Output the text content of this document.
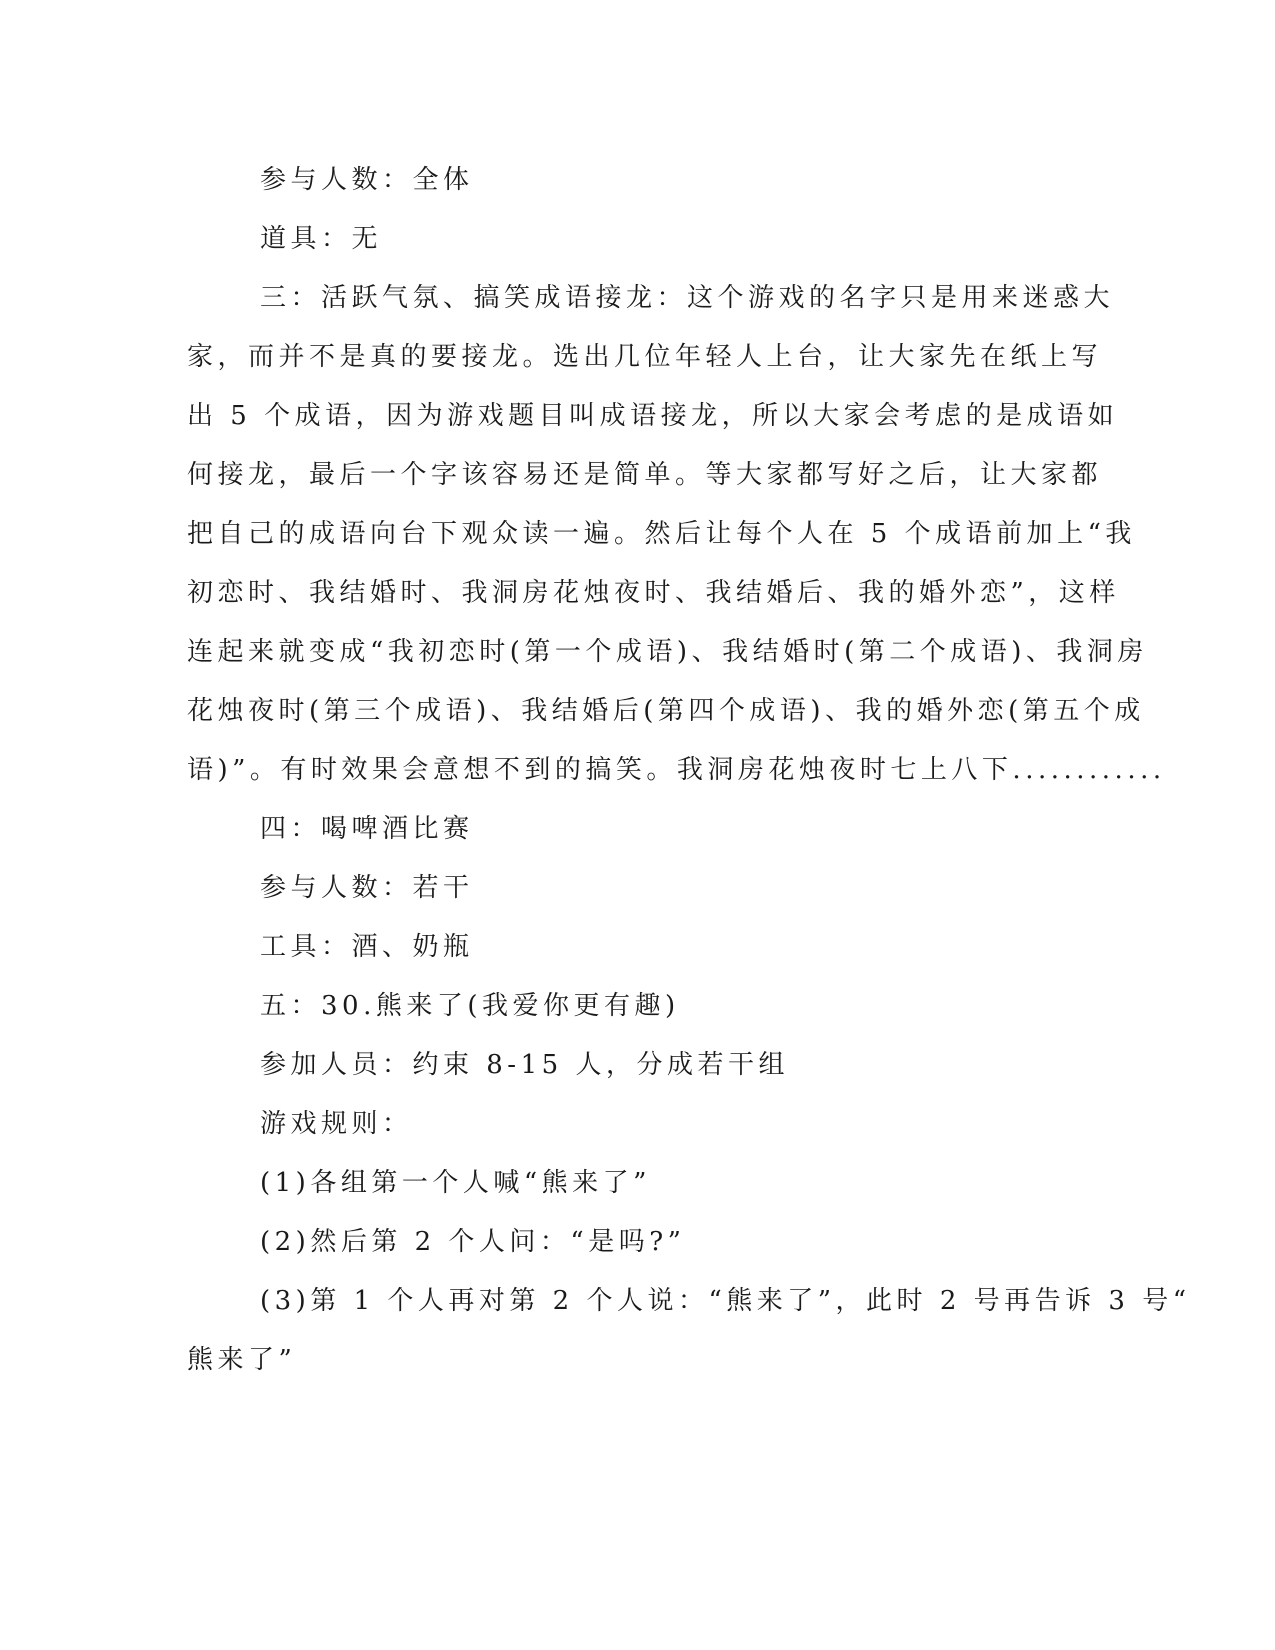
参与人数：全体
道具：无
三：活跃气氛、搞笑成语接龙：这个游戏的名字只是用来迷惑大
家，而并不是真的要接龙。选出几位年轻人上台，让大家先在纸上写
出 5 个成语，因为游戏题目叫成语接龙，所以大家会考虑的是成语如
何接龙，最后一个字该容易还是简单。等大家都写好之后，让大家都
把自己的成语向台下观众读一遍。然后让每个人在 5 个成语前加上“我
初恋时、我结婚时、我洞房花烛夜时、我结婚后、我的婚外恋”，这样
连起来就变成“我初恋时(第一个成语)、我结婚时(第二个成语)、我洞房
花烛夜时(第三个成语)、我结婚后(第四个成语)、我的婚外恋(第五个成
语)”。有时效果会意想不到的搞笑。我洞房花烛夜时七上八下............
四：喝啤酒比赛
参与人数：若干
工具：酒、奶瓶
五：30.熊来了(我爱你更有趣)
参加人员：约束 8-15 人，分成若干组
游戏规则：
(1)各组第一个人喊“熊来了”
(2)然后第 2 个人问：“是吗?”
(3)第 1 个人再对第 2 个人说：“熊来了”，此时 2 号再告诉 3 号“
熊来了”
